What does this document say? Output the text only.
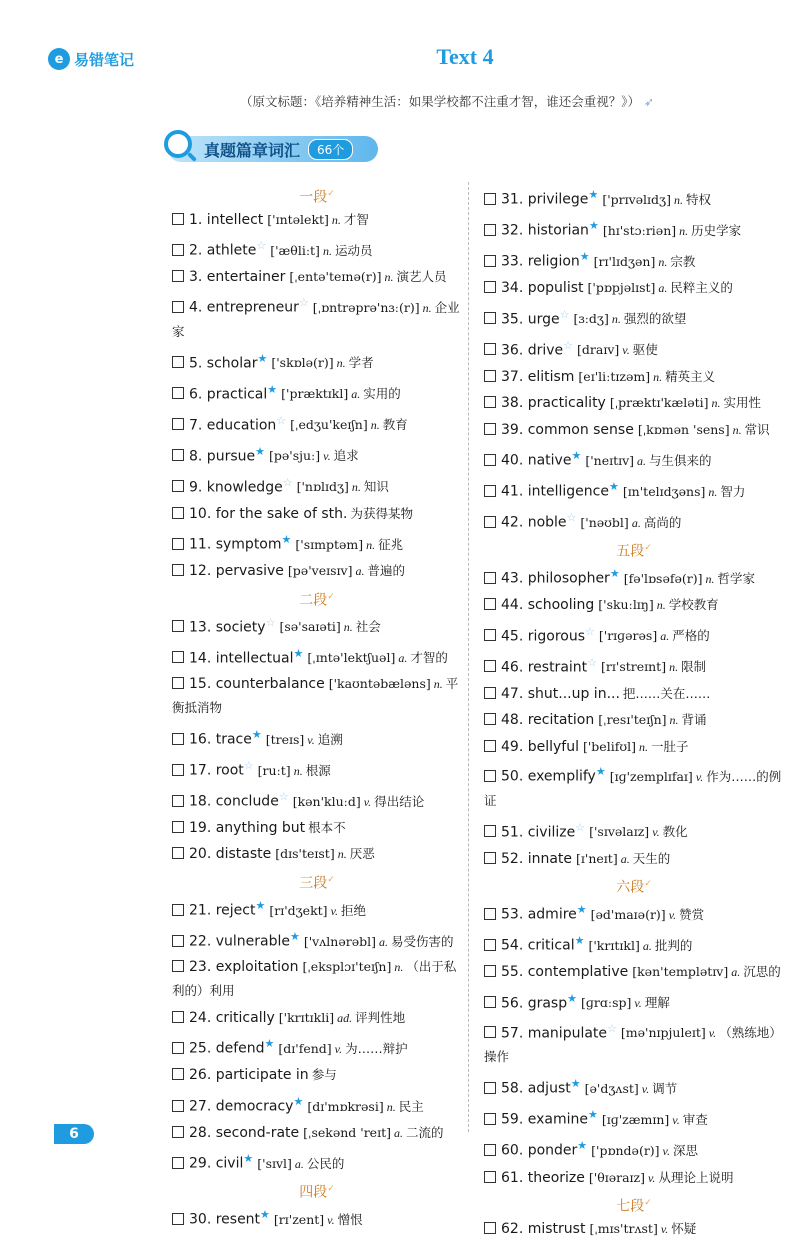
e 易错笔记	Text 4
（原文标题：《培养精神生活：如果学校都不注重才智，谁还会重视？》） ➶
真题篇章词汇	66个
一段✓
1. intellect ['ɪntəlekt] n. 才智
2. athlete☆ ['æθliːt] n. 运动员
3. entertainer [ˌentə'teɪnə(r)] n. 演艺人员
4. entrepreneur☆ [ˌɒntrəprə'nɜː(r)] n. 企业家
5. scholar★ ['skɒlə(r)] n. 学者
6. practical★ ['præktɪkl] a. 实用的
7. education☆ [ˌedʒu'keɪʃn] n. 教育
8. pursue★ [pə'sjuː] v. 追求
9. knowledge☆ ['nɒlɪdʒ] n. 知识
10. for the sake of sth. 为获得某物
11. symptom★ ['sɪmptəm] n. 征兆
12. pervasive [pə'veɪsɪv] a. 普遍的
二段✓
13. society☆ [sə'saɪəti] n. 社会
14. intellectual★ [ˌɪntə'lektʃuəl] a. 才智的
15. counterbalance ['kaʊntəbæləns] n. 平衡抵消物
16. trace★ [treɪs] v. 追溯
17. root☆ [ruːt] n. 根源
18. conclude☆ [kən'kluːd] v. 得出结论
19. anything but 根本不
20. distaste [dɪs'teɪst] n. 厌恶
三段✓
21. reject★ [rɪ'dʒekt] v. 拒绝
22. vulnerable★ ['vʌlnərəbl] a. 易受伤害的
23. exploitation [ˌeksplɔɪ'teɪʃn] n. （出于私利的）利用
24. critically ['krɪtɪkli] ad. 评判性地
25. defend★ [dɪ'fend] v. 为……辩护
26. participate in 参与
27. democracy★ [dɪ'mɒkrəsi] n. 民主
28. second-rate [ˌsekənd 'reɪt] a. 二流的
29. civil★ ['sɪvl] a. 公民的
四段✓
30. resent★ [rɪ'zent] v. 憎恨
31. privilege★ ['prɪvəlɪdʒ] n. 特权
32. historian★ [hɪ'stɔːriən] n. 历史学家
33. religion★ [rɪ'lɪdʒən] n. 宗教
34. populist ['pɒpjəlɪst] a. 民粹主义的
35. urge☆ [ɜːdʒ] n. 强烈的欲望
36. drive☆ [draɪv] v. 驱使
37. elitism [eɪ'liːtɪzəm] n. 精英主义
38. practicality [ˌpræktɪ'kæləti] n. 实用性
39. common sense [ˌkɒmən 'sens] n. 常识
40. native★ ['neɪtɪv] a. 与生俱来的
41. intelligence★ [ɪn'telɪdʒəns] n. 智力
42. noble☆ ['nəʊbl] a. 高尚的
五段✓
43. philosopher★ [fə'lɒsəfə(r)] n. 哲学家
44. schooling ['skuːlɪŋ] n. 学校教育
45. rigorous☆ ['rɪɡərəs] a. 严格的
46. restraint☆ [rɪ'streɪnt] n. 限制
47. shut...up in... 把……关在……
48. recitation [ˌresɪ'teɪʃn] n. 背诵
49. bellyful ['belifʊl] n. 一肚子
50. exemplify★ [ɪɡ'zemplɪfaɪ] v. 作为……的例证
51. civilize☆ ['sɪvəlaɪz] v. 教化
52. innate [ɪ'neɪt] a. 天生的
六段✓
53. admire★ [əd'maɪə(r)] v. 赞赏
54. critical★ ['krɪtɪkl] a. 批判的
55. contemplative [kən'templətɪv] a. 沉思的
56. grasp★ [ɡrɑːsp] v. 理解
57. manipulate☆ [mə'nɪpjuleɪt] v. （熟练地）操作
58. adjust★ [ə'dʒʌst] v. 调节
59. examine★ [ɪɡ'zæmɪn] v. 审查
60. ponder★ ['pɒndə(r)] v. 深思
61. theorize ['θɪəraɪz] v. 从理论上说明
七段✓
62. mistrust [ˌmɪs'trʌst] v. 怀疑
6
